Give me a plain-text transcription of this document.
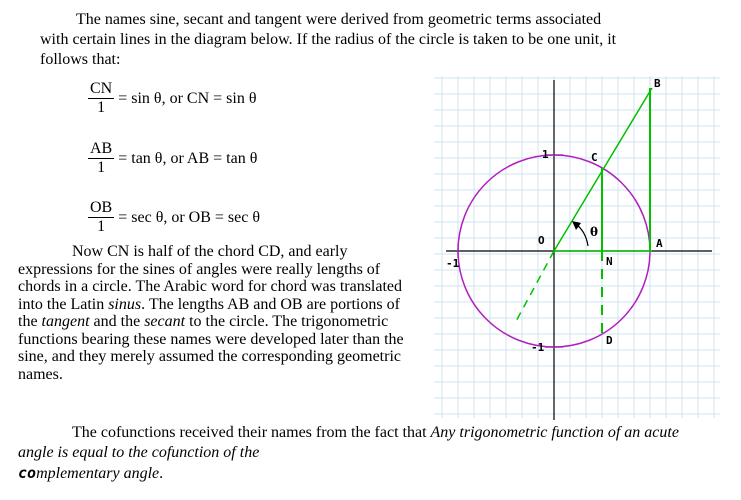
The names sine, secant and tangent were derived from geometric terms associated
with certain lines in the diagram below. If the radius of the circle is taken to be one unit, it
follows that:

$\frac{CN}{1} = \sin \theta$, or CN = sin θ
$\frac{AB}{1} = \tan \theta$, or AB = tan θ
$\frac{OB}{1} = \sec \theta$, or OB = sec θ

Now CN is half of the chord CD, and early expressions for the sines of angles were really lengths of chords in a circle. The Arabic word for chord was translated into the Latin sinus. The lengths AB and OB are portions of the tangent and the secant to the circle. The trigonometric functions bearing these names were developed later than the sine, and they merely assumed the corresponding geometric names.

The cofunctions received their names from the fact that Any trigonometric function of an acute angle is equal to the cofunction of the
complementary angle.

O	A
B
C
D
N
θ
1
-1
-1
